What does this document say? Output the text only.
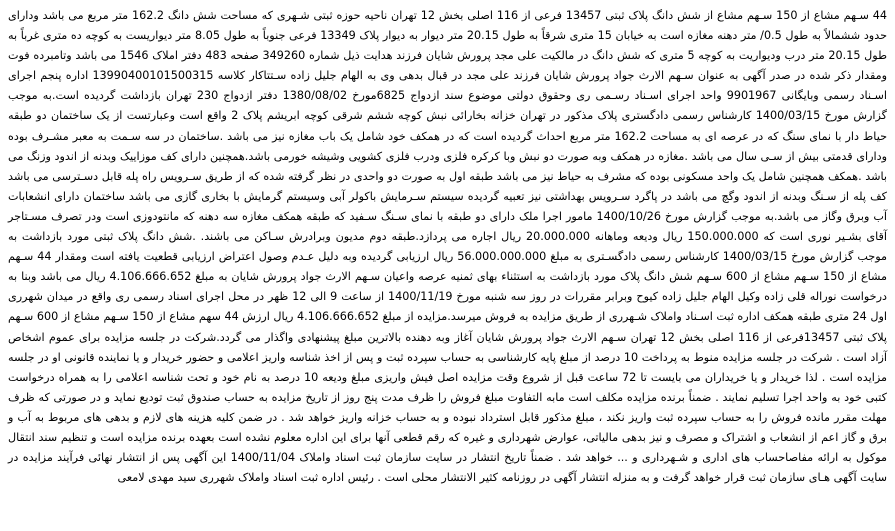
44 سـهم مشاع از 150 سـهم مشاع از شش دانگ پلاک ثبتی 13457 فرعی از 116 اصلی بخش 12 تهران ناحیه حوزه ثبتی شـهری که مساحت شش دانگ 162.2 متر مربع می باشد ودارای حدود ششمالاً به طول 0.5/ متر دهنه مغازه است به خیابان 15 متری شرقاً به طول 20.15 متر دیوار به دیوار پلاک 13349 فرعی جنوباً به طول 8.05 متر دیواریست به کوچه ده متری غرباً به طول 20.15 متر درب ودیواریت به کوچه 5 متری که شش دانگ در مالکیت علی مجد پرورش شایان فرزند هدایت ذیل شماره 349260 صفحه 483 دفتر املاک 1546 می باشد وتامبرده فوت ومقدار ذکر شده در صدر آگهی به عنوان سـهم الارث جواد پرورش شایان فرزند علی مجد در قبال بدهی وی به الهام جلیل زاده سـتتاکار کلاسه 13990400101500315 اداره پنجم اجرای اسـناد رسمی وبایگانی 9901967 واحد اجرای اسـناد رسـمی ری وحقوق دولتی موضوع سند ازدواج 6825مورخ 1380/08/02 دفتر ازدواج 230 تهران بازداشت گردیده است.به موجب گزارش مورخ 1400/03/15 کارشناس رسمی دادگستری پلاک مذکور در تهران خزانه بخارائی نبش کوچه ششم شرقی کوچه ابریشم پلاک 2 واقع است وعبارتست از یک ساختمان دو طبقه حیاط دار با نمای سنگ که در عرصه ای به مساحت 162.2 متر مربع احداث گردیده است که در همکف خود شامل یک باب مغازه نیز می باشد .ساختمان در سه سـمت به معبر مشـرف بوده ودارای قدمتی بیش از سـی سال می باشد .مغازه در همکف وبه صورت دو نبش وبا کرکره فلزی ودرب فلزی کشویی وشیشه خورمی باشد.همچنین دارای کف موزاییک وبدنه از اندود وزنگ می باشد .همکف همچنین شامل یک واحد مسکونی بوده که مشرف به حیاط نیز می باشد طبقه اول به صورت دو واحدی در نظر گرفته شده که از طریق سـرویس راه پله قابل دسـترسی می باشد کف پله از سـنگ وبدنه از اندود وگچ می باشد در پاگرد سـرویس بهداشتی نیز تعبیه گردیده سیستم سـرمایش باکولر آبی وسیستم گرمایش با بخاری گازی می باشد ساختمان دارای انشعابات آب وبرق وگاز می باشد.به موجب گزارش مورخ 1400/10/26 مامور اجرا ملک دارای دو طبقه با نمای سـنگ سـفید که طبقه همکف مغازه سه دهنه که مانتودوزی است ودر تصرف مسـتاجر آقای بشـیر نوری است که 150.000.000 ریال ودیعه وماهانه 20.000.000 ریال اجاره می پردازد.طبقه دوم مدیون وبرادرش سـاکن می باشند. .شش دانگ پلاک ثبتی مورد بازداشت به موجب گزارش مورخ 1400/03/15 کارشناس رسمی دادگسـتری به مبلغ 56.000.000.000 ریال ارزیابی گردیده وبه دلیل عـدم وصول اعتراض ارزیابی قطعیت یافته است ومقدار 44 سـهم مشاع از 150 سـهم مشاع از 600 سـهم شش دانگ پلاک مورد بازداشت به استثناء بهای ثمنیه عرصه واعیان سـهم الارث جواد پرورش شایان به مبلغ 4.106.666.652 ریال می باشد وبنا به درخواست نوراله قلی زاده وکیل الهام جلیل زاده کیوح وبرابر مقررات در روز سه شنبه مورخ 1400/11/19 از ساعت 9 الی 12 ظهر در محل اجرای اسناد رسمی ری واقع در میدان شهرری اول 24 متری طبقه همکف اداره ثبت اسـناد واملاک شـهرری از طریق مزایده به فروش میرسد.مزایده از مبلغ 4.106.666.652 ریال ارزش 44 سهم مشاع از 150 سـهم مشاع از 600 سـهم پلاک ثبتی 13457فرعی از 116 اصلی بخش 12 تهران سـهم الارث جواد پرورش شایان آغاز وبه دهنده بالاترین مبلغ پیشنهادی واگذار می گردد.شرکت در جلسه مزایده برای عموم اشخاص آزاد است . شرکت در جلسه مزایده منوط به پرداخت 10 درصد از مبلغ پایه کارشناسی به حساب سپرده ثبت و پس از اخذ شناسه واریز اعلامی و حضور خریدار و یا نماینده قانونی او در جلسه مزایده است . لذا خریدار و یا خریداران می بایست تا 72 ساعت قبل از شروع وقت مزایده اصل فیش واریزی مبلغ ودیعه 10 درصد به نام خود و تحت شناسه اعلامی را به همراه درخواست کتبی خود به واحد اجرا تسلیم نمایند . ضمناً برنده مزایده مکلف است مابه التفاوت مبلغ فروش را ظرف مدت پنج روز از تاریخ مزایده به حساب صندوق ثبت تودیع نماید و در صورتی که ظرف مهلت مقرر مانده فروش را به حساب سپرده ثبت واریز نکند ، مبلغ مذکور قابل استرداد نبوده و به حساب خزانه واریز خواهد شد . در ضمن کلیه هزینه های لازم و بدهی های مربوط به آب و برق و گاز اعم از انشعاب و اشتراک و مصرف و نیز بدهی مالیاتی، عوارض شهرداری و غیره که رقم قطعی آنها برای این اداره معلوم نشده است بعهده برنده مزایده است و تنظیم سند انتقال موکول به ارائه مفاصاحساب های اداری و شـهرداری و ... خواهد شد . ضمناً تاریخ انتشار در سایت سازمان ثبت اسناد واملاک 1400/11/04 این آگهی پس از انتشار نهائی فرآیند مزایده در سایت آگهی هـای سازمان ثبت قرار خواهد گرفت و به منزله انتشار آگهی در روزنامه کثیر الانتشار محلی است . رئیس اداره ثبت اسناد واملاک شهرری سید مهدی لامعی
